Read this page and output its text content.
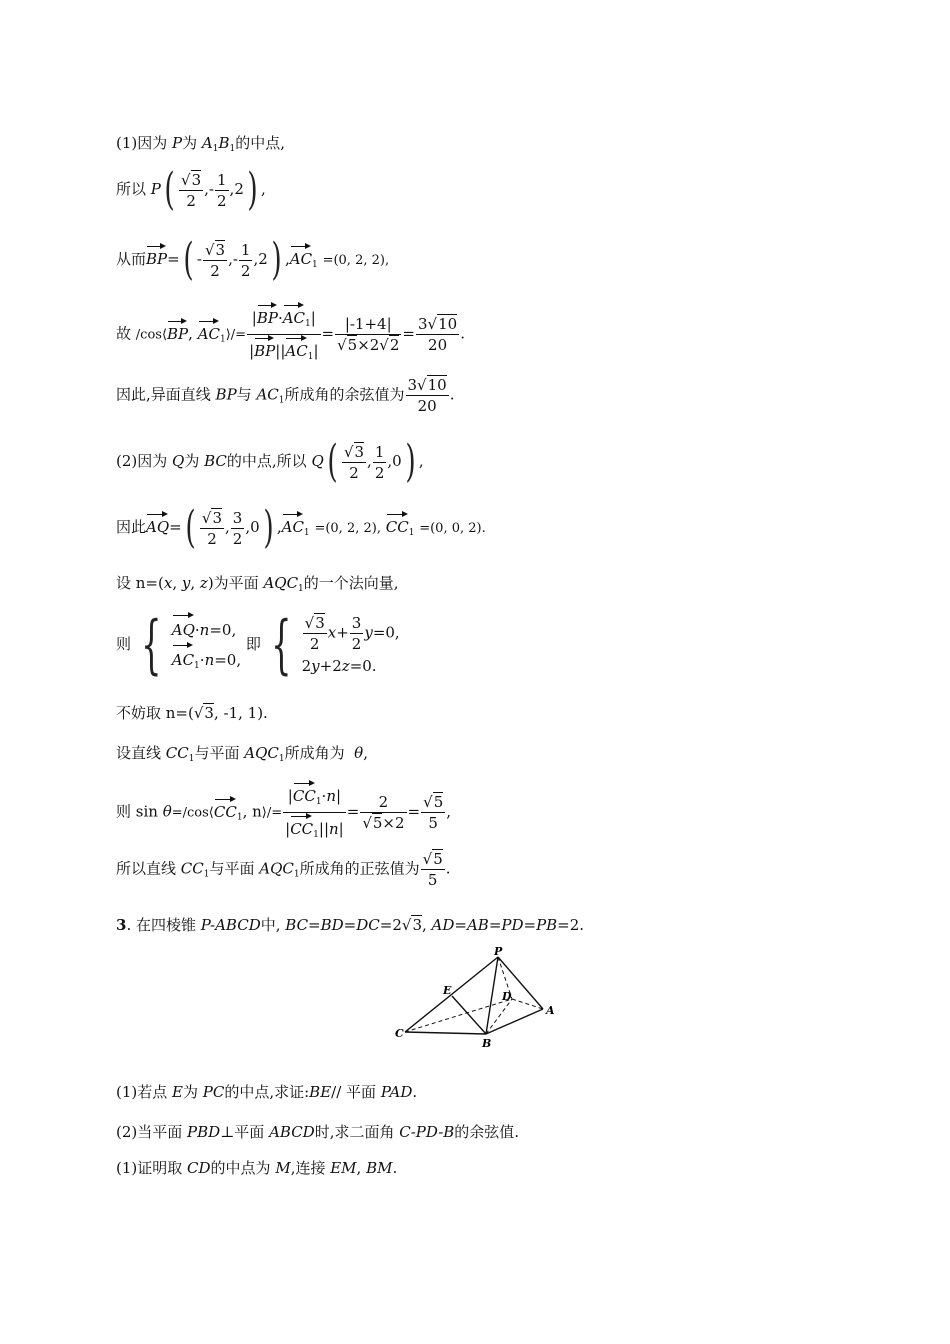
(1)因为 P为 $A_1B_1$的中点,
所以 $P( \frac{√3}{2}$ ,- $\frac{1}{2} ,2$) ,
从而$BP=( - \frac{√3}{2}$ ,- $\frac{1}{2} ,2$) $,AC_1 =(0$, 2, 2),
故 /cos⟨BP, $AC_1⟩/= \frac{|BP\cdot AC_1|}{|BP||AC_1|} = \frac{|-1+4|}{√5\times 2√2} = \frac{3√10}{20}$ .
因此,异面直线 BP与 $AC_1$所成角的余弦值为 $\frac{3√10}{20}$ .
(2)因为 Q为 BC的中点,所以 $Q( \frac{√3}{2}$ , $\frac{1}{2} ,0$) ,
因此$AQ=( \frac{√3}{2}$ , $\frac{3}{2} ,0$) $,AC_1 =(0$, 2, 2), $CC_1 =(0$, 0, 2).
设 n=(x, y, z)为平面 $AQC_1$的一个法向量,
则 { AQ·n=0,
$AC_1\cdot n=0$,
即 { $\frac{√3}{2} x+ \frac{3}{2} y=0$,
2y+2z=0.
不妨取 n=(√3, -1, 1).
设直线 $CC_1$与平面 $AQC_1$所成角为  θ,
则 $\sin \theta=/\cos⟨CC_1$, n⟩/= $\frac{|CC_1\cdot n|}{|CC_1||n|} = \frac{2}{√5\times 2} = \frac{√5}{5}$ ,
所以直线 $CC_1$与平面 $AQC_1$所成角的正弦值为 $\frac{√5}{5}$ .
3. 在四棱锥 P-ABCD中, BC=BD=DC=2√3, AD=AB=PD=PB=2.
P
E	D
A
C
B
(1)若点 E为 PC的中点,求证:BE// 平面 PAD.
(2)当平面 PBD⊥平面 ABCD时,求二面角 C-PD-B的余弦值.
(1)证明取 CD的中点为 M,连接 EM, BM.
